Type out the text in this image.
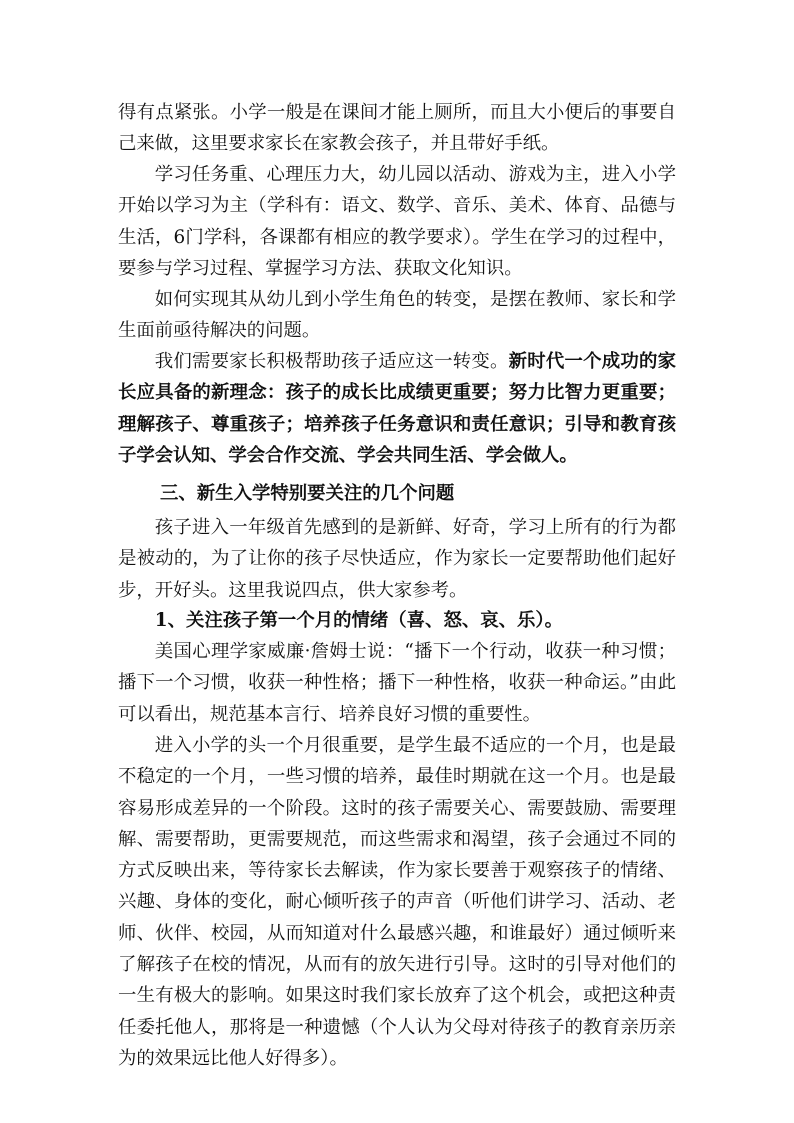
得有点紧张。小学一般是在课间才能上厕所，而且大小便后的事要自己来做，这里要求家长在家教会孩子，并且带好手纸。

学习任务重、心理压力大，幼儿园以活动、游戏为主，进入小学开始以学习为主（学科有：语文、数学、音乐、美术、体育、品德与生活，6门学科，各课都有相应的教学要求）。学生在学习的过程中，要参与学习过程、掌握学习方法、获取文化知识。

如何实现其从幼儿到小学生角色的转变，是摆在教师、家长和学生面前亟待解决的问题。

我们需要家长积极帮助孩子适应这一转变。新时代一个成功的家长应具备的新理念：孩子的成长比成绩更重要；努力比智力更重要；理解孩子、尊重孩子；培养孩子任务意识和责任意识；引导和教育孩子学会认知、学会合作交流、学会共同生活、学会做人。

三、新生入学特别要关注的几个问题

孩子进入一年级首先感到的是新鲜、好奇，学习上所有的行为都是被动的，为了让你的孩子尽快适应，作为家长一定要帮助他们起好步，开好头。这里我说四点，供大家参考。

1、关注孩子第一个月的情绪（喜、怒、哀、乐）。

美国心理学家威廉·詹姆士说：“播下一个行动，收获一种习惯；播下一个习惯，收获一种性格；播下一种性格，收获一种命运。”由此可以看出，规范基本言行、培养良好习惯的重要性。

进入小学的头一个月很重要，是学生最不适应的一个月，也是最不稳定的一个月，一些习惯的培养，最佳时期就在这一个月。也是最容易形成差异的一个阶段。这时的孩子需要关心、需要鼓励、需要理解、需要帮助，更需要规范，而这些需求和渴望，孩子会通过不同的方式反映出来，等待家长去解读，作为家长要善于观察孩子的情绪、兴趣、身体的变化，耐心倾听孩子的声音（听他们讲学习、活动、老师、伙伴、校园，从而知道对什么最感兴趣，和谁最好）通过倾听来了解孩子在校的情况，从而有的放矢进行引导。这时的引导对他们的一生有极大的影响。如果这时我们家长放弃了这个机会，或把这种责任委托他人，那将是一种遗憾（个人认为父母对待孩子的教育亲历亲为的效果远比他人好得多）。
